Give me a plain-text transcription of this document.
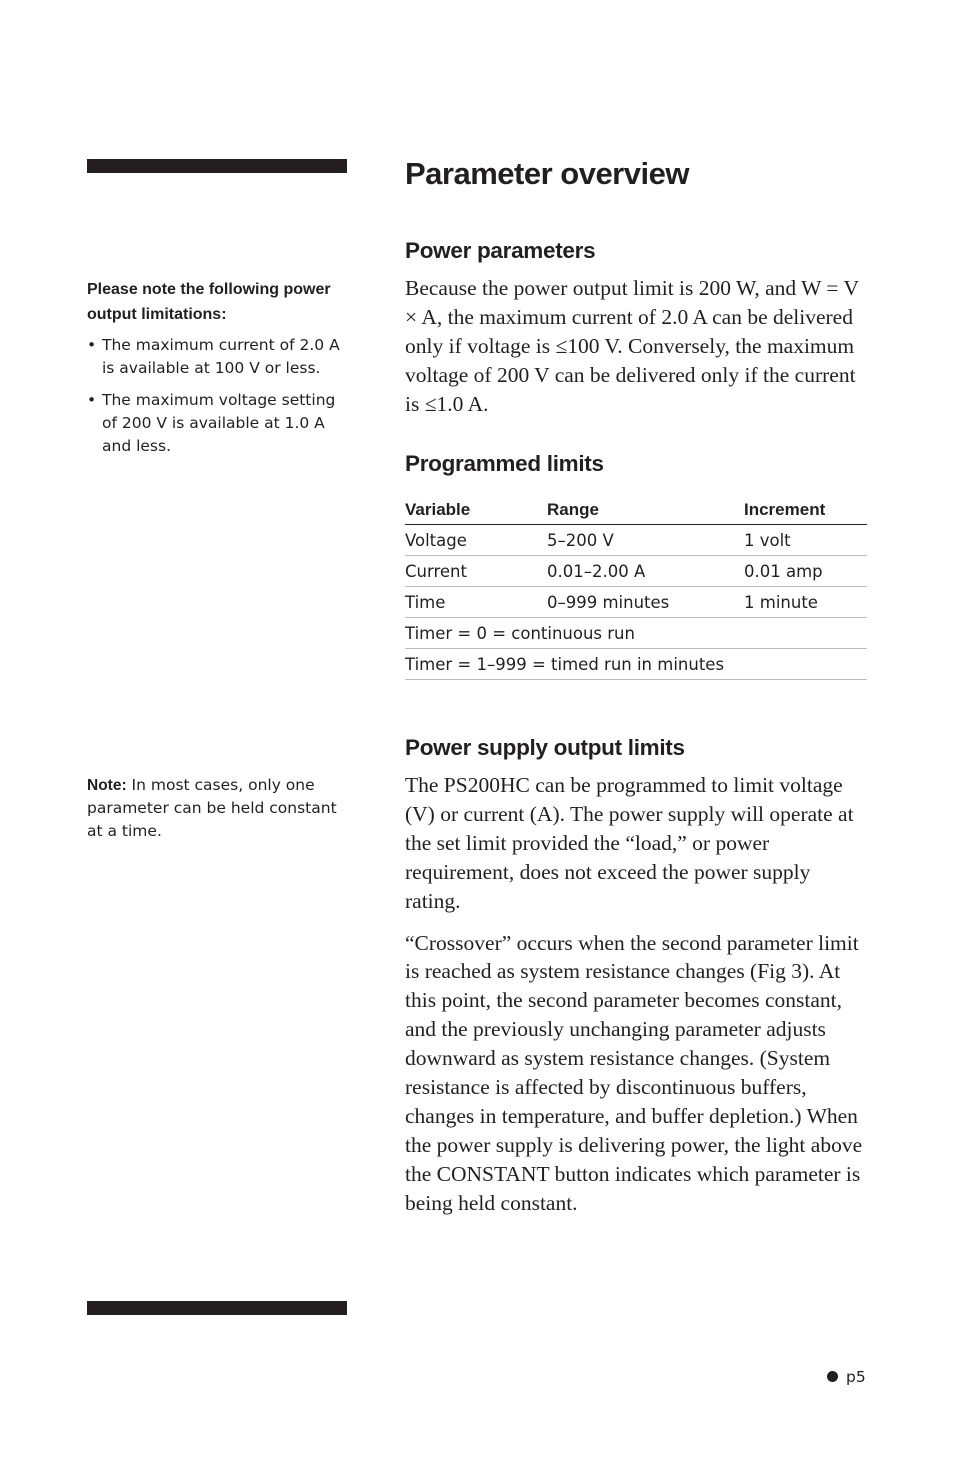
Parameter overview

Please note the following power output limitations:

• The maximum current of 2.0 A is available at 100 V or less.
• The maximum voltage setting of 200 V is available at 1.0 A and less.
Note: In most cases, only one parameter can be held constant at a time.
Power parameters

Because the power output limit is 200 W, and W = V × A, the maximum current of 2.0 A can be delivered only if voltage is ≤100 V. Conversely, the maximum voltage of 200 V can be delivered only if the current is ≤1.0 A.

Programmed limits
Variable	Range	Increment
Voltage	5–200 V	1 volt
Current	0.01–2.00 A	0.01 amp
Time	0–999 minutes	1 minute
Timer = 0 = continuous run		
Timer = 1–999 = timed run in minutes		
Power supply output limits

The PS200HC can be programmed to limit voltage (V) or current (A). The power supply will operate at the set limit provided the “load,” or power requirement, does not exceed the power supply rating.

“Crossover” occurs when the second parameter limit is reached as system resistance changes (Fig 3). At this point, the second parameter becomes constant, and the previously unchanging parameter adjusts downward as system resistance changes. (System resistance is affected by discontinuous buffers, changes in temperature, and buffer depletion.) When the power supply is delivering power, the light above the CONSTANT button indicates which parameter is being held constant.

p5
